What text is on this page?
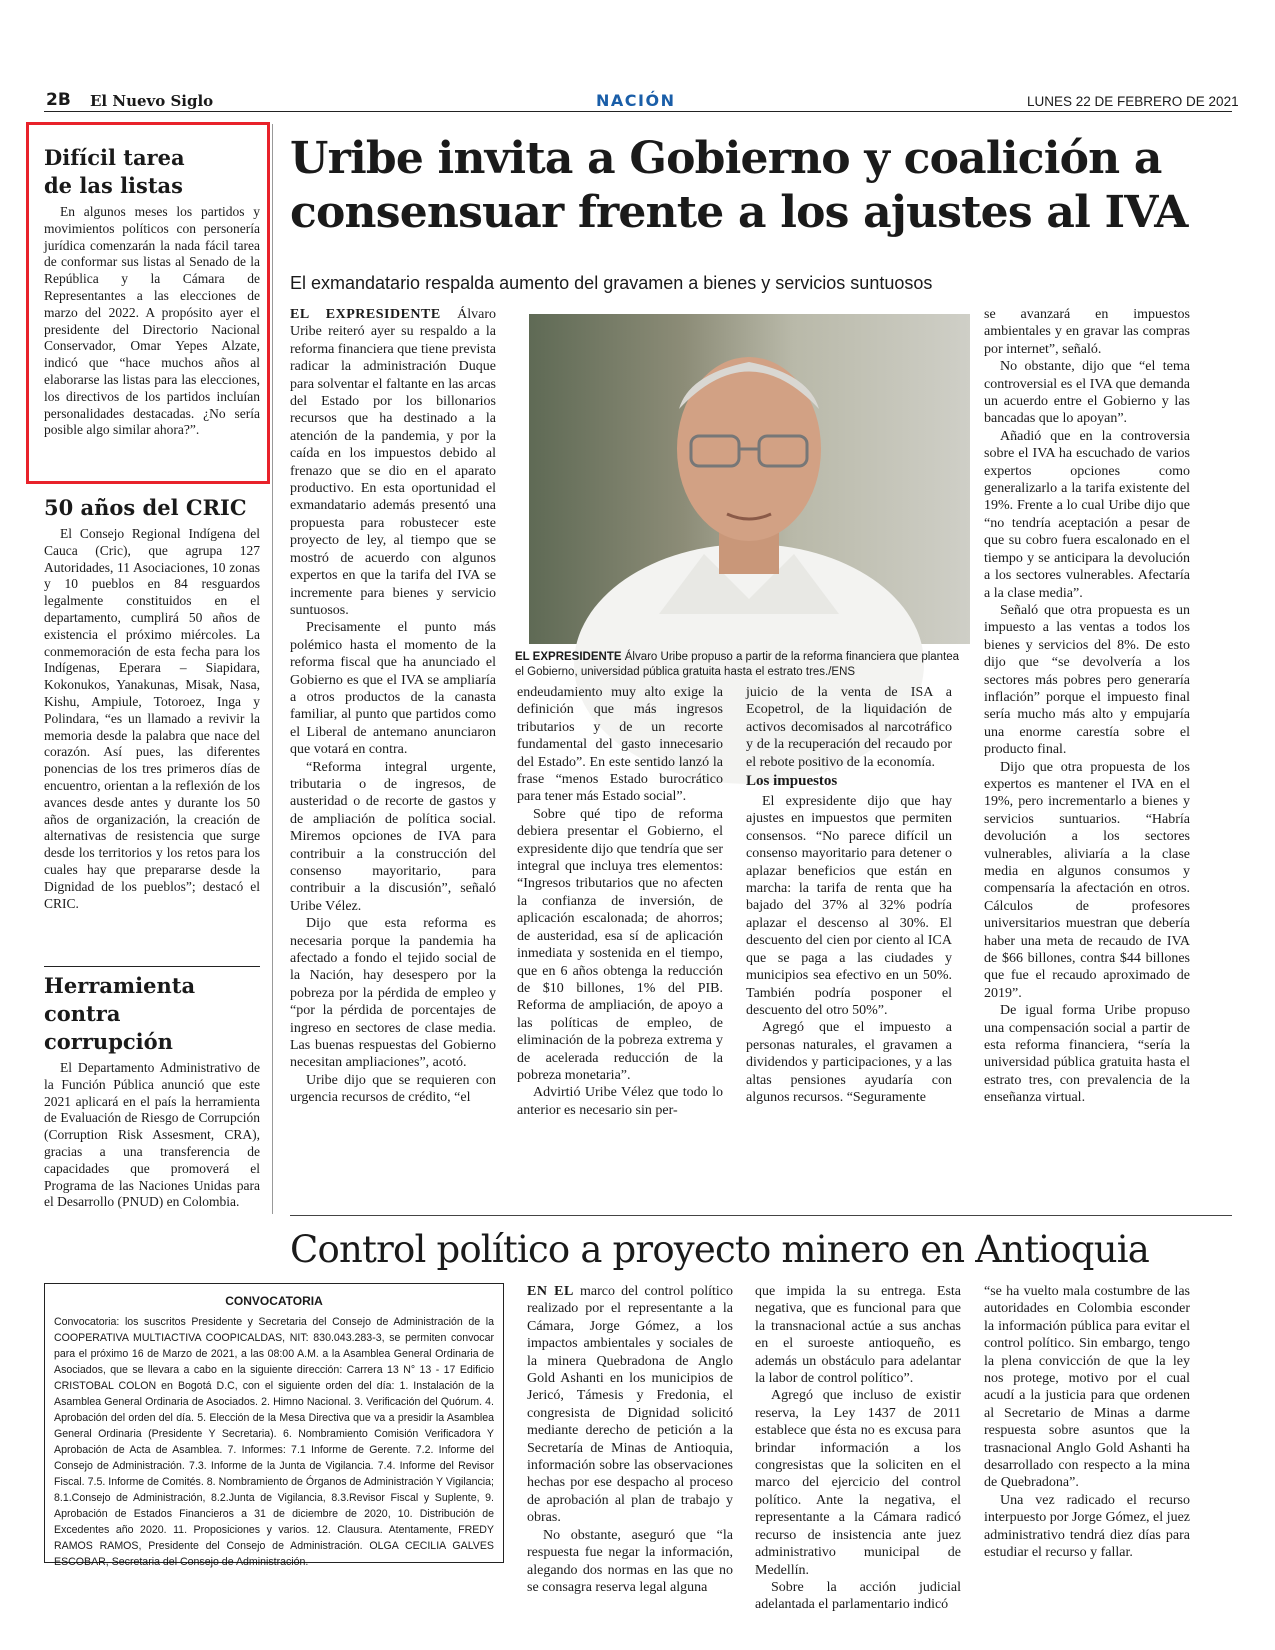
2B El Nuevo Siglo	NACIÓN	LUNES 22 DE FEBRERO DE 2021
Difícil tarea de las listas

En algunos meses los partidos y movimientos políticos con personería jurídica comenzarán la nada fácil tarea de conformar sus listas al Senado de la República y la Cámara de Representantes a las elecciones de marzo del 2022. A propósito ayer el presidente del Directorio Nacional Conservador, Omar Yepes Alzate, indicó que “hace muchos años al elaborarse las listas para las elecciones, los directivos de los partidos incluían personalidades destacadas. ¿No sería posible algo similar ahora?”.

50 años del CRIC

El Consejo Regional Indígena del Cauca (Cric), que agrupa 127 Autoridades, 11 Asociaciones, 10 zonas y 10 pueblos en 84 resguardos legalmente constituidos en el departamento, cumplirá 50 años de existencia el próximo miércoles. La conmemoración de esta fecha para los Indígenas, Eperara – Siapidara, Kokonukos, Yanakunas, Misak, Nasa, Kishu, Ampiule, Totoroez, Inga y Polindara, “es un llamado a revivir la memoria desde la palabra que nace del corazón. Así pues, las diferentes ponencias de los tres primeros días de encuentro, orientan a la reflexión de los avances desde antes y durante los 50 años de organización, la creación de alternativas de resistencia que surge desde los territorios y los retos para los cuales hay que prepararse desde la Dignidad de los pueblos”; destacó el CRIC.

Herramienta contra corrupción

El Departamento Administrativo de la Función Pública anunció que este 2021 aplicará en el país la herramienta de Evaluación de Riesgo de Corrupción (Corruption Risk Assesment, CRA), gracias a una transferencia de capacidades que promoverá el Programa de las Naciones Unidas para el Desarrollo (PNUD) en Colombia.

Uribe invita a Gobierno y coalición a consensuar frente a los ajustes al IVA
El exmandatario respalda aumento del gravamen a bienes y servicios suntuosos

EL EXPRESIDENTE Álvaro Uribe reiteró ayer su respaldo a la reforma financiera que tiene prevista radicar la administración Duque para solventar el faltante en las arcas del Estado por los billonarios recursos que ha destinado a la atención de la pandemia, y por la caída en los impuestos debido al frenazo que se dio en el aparato productivo. En esta oportunidad el exmandatario además presentó una propuesta para robustecer este proyecto de ley, al tiempo que se mostró de acuerdo con algunos expertos en que la tarifa del IVA se incremente para bienes y servicio suntuosos.

Precisamente el punto más polémico hasta el momento de la reforma fiscal que ha anunciado el Gobierno es que el IVA se ampliaría a otros productos de la canasta familiar, al punto que partidos como el Liberal de antemano anunciaron que votará en contra.

“Reforma integral urgente, tributaria o de ingresos, de austeridad o de recorte de gastos y de ampliación de política social. Miremos opciones de IVA para contribuir a la construcción del consenso mayoritario, para contribuir a la discusión”, señaló Uribe Vélez.

Dijo que esta reforma es necesaria porque la pandemia ha afectado a fondo el tejido social de la Nación, hay desespero por la pobreza por la pérdida de empleo y “por la pérdida de porcentajes de ingreso en sectores de clase media. Las buenas respuestas del Gobierno necesitan ampliaciones”, acotó.

Uribe dijo que se requieren con urgencia recursos de crédito, “el

EL EXPRESIDENTE Álvaro Uribe propuso a partir de la reforma financiera que plantea el Gobierno, universidad pública gratuita hasta el estrato tres./ENS

endeudamiento muy alto exige la definición que más ingresos tributarios y de un recorte fundamental del gasto innecesario del Estado”. En este sentido lanzó la frase “menos Estado burocrático para tener más Estado social”.

Sobre qué tipo de reforma debiera presentar el Gobierno, el expresidente dijo que tendría que ser integral que incluya tres elementos: “Ingresos tributarios que no afecten la confianza de inversión, de aplicación escalonada; de ahorros; de austeridad, esa sí de aplicación inmediata y sostenida en el tiempo, que en 6 años obtenga la reducción de $10 billones, 1% del PIB. Reforma de ampliación, de apoyo a las políticas de empleo, de eliminación de la pobreza extrema y de acelerada reducción de la pobreza monetaria”.

Advirtió Uribe Vélez que todo lo anterior es necesario sin per-

juicio de la venta de ISA a Ecopetrol, de la liquidación de activos decomisados al narcotráfico y de la recuperación del recaudo por el rebote positivo de la economía.

Los impuestos

El expresidente dijo que hay ajustes en impuestos que permiten consensos. “No parece difícil un consenso mayoritario para detener o aplazar beneficios que están en marcha: la tarifa de renta que ha bajado del 37% al 32% podría aplazar el descenso al 30%. El descuento del cien por ciento al ICA que se paga a las ciudades y municipios sea efectivo en un 50%. También podría posponer el descuento del otro 50%”.

Agregó que el impuesto a personas naturales, el gravamen a dividendos y participaciones, y a las altas pensiones ayudaría con algunos recursos. “Seguramente

se avanzará en impuestos ambientales y en gravar las compras por internet”, señaló.

No obstante, dijo que “el tema controversial es el IVA que demanda un acuerdo entre el Gobierno y las bancadas que lo apoyan”.

Añadió que en la controversia sobre el IVA ha escuchado de varios expertos opciones como generalizarlo a la tarifa existente del 19%. Frente a lo cual Uribe dijo que “no tendría aceptación a pesar de que su cobro fuera escalonado en el tiempo y se anticipara la devolución a los sectores vulnerables. Afectaría a la clase media”.

Señaló que otra propuesta es un impuesto a las ventas a todos los bienes y servicios del 8%. De esto dijo que “se devolvería a los sectores más pobres pero generaría inflación” porque el impuesto final sería mucho más alto y empujaría una enorme carestía sobre el producto final.

Dijo que otra propuesta de los expertos es mantener el IVA en el 19%, pero incrementarlo a bienes y servicios suntuarios. “Habría devolución a los sectores vulnerables, aliviaría a la clase media en algunos consumos y compensaría la afectación en otros. Cálculos de profesores universitarios muestran que debería haber una meta de recaudo de IVA de $66 billones, contra $44 billones que fue el recaudo aproximado de 2019”.

De igual forma Uribe propuso una compensación social a partir de esta reforma financiera, “sería la universidad pública gratuita hasta el estrato tres, con prevalencia de la enseñanza virtual.

Control político a proyecto minero en Antioquia
CONVOCATORIA

Convocatoria: los suscritos Presidente y Secretaria del Consejo de Administración de la COOPERATIVA MULTIACTIVA COOPICALDAS, NIT: 830.043.283-3, se permiten convocar para el próximo 16 de Marzo de 2021, a las 08:00 A.M. a la Asamblea General Ordinaria de Asociados, que se llevara a cabo en la siguiente dirección: Carrera 13 N° 13 - 17 Edificio CRISTOBAL COLON en Bogotá D.C, con el siguiente orden del día: 1. Instalación de la Asamblea General Ordinaria de Asociados. 2. Himno Nacional. 3. Verificación del Quórum. 4. Aprobación del orden del día. 5. Elección de la Mesa Directiva que va a presidir la Asamblea General Ordinaria (Presidente Y Secretaria). 6. Nombramiento Comisión Verificadora Y Aprobación de Acta de Asamblea. 7. Informes: 7.1 Informe de Gerente. 7.2. Informe del Consejo de Administración. 7.3. Informe de la Junta de Vigilancia. 7.4. Informe del Revisor Fiscal. 7.5. Informe de Comités. 8. Nombramiento de Órganos de Administración Y Vigilancia; 8.1.Consejo de Administración, 8.2.Junta de Vigilancia, 8.3.Revisor Fiscal y Suplente, 9. Aprobación de Estados Financieros a 31 de diciembre de 2020, 10. Distribución de Excedentes año 2020. 11. Proposiciones y varios. 12. Clausura. Atentamente, FREDY RAMOS RAMOS, Presidente del Consejo de Administración. OLGA CECILIA GALVES ESCOBAR, Secretaria del Consejo de Administración.

EN EL marco del control político realizado por el representante a la Cámara, Jorge Gómez, a los impactos ambientales y sociales de la minera Quebradona de Anglo Gold Ashanti en los municipios de Jericó, Támesis y Fredonia, el congresista de Dignidad solicitó mediante derecho de petición a la Secretaría de Minas de Antioquia, información sobre las observaciones hechas por ese despacho al proceso de aprobación al plan de trabajo y obras.

No obstante, aseguró que “la respuesta fue negar la información, alegando dos normas en las que no se consagra reserva legal alguna

que impida la su entrega. Esta negativa, que es funcional para que la transnacional actúe a sus anchas en el suroeste antioqueño, es además un obstáculo para adelantar la labor de control político”.

Agregó que incluso de existir reserva, la Ley 1437 de 2011 establece que ésta no es excusa para brindar información a los congresistas que la soliciten en el marco del ejercicio del control político. Ante la negativa, el representante a la Cámara radicó recurso de insistencia ante juez administrativo municipal de Medellín.

Sobre la acción judicial adelantada el parlamentario indicó

“se ha vuelto mala costumbre de las autoridades en Colombia esconder la información pública para evitar el control político. Sin embargo, tengo la plena convicción de que la ley nos protege, motivo por el cual acudí a la justicia para que ordenen al Secretario de Minas a darme respuesta sobre asuntos que la trasnacional Anglo Gold Ashanti ha desarrollado con respecto a la mina de Quebradona”.

Una vez radicado el recurso interpuesto por Jorge Gómez, el juez administrativo tendrá diez días para estudiar el recurso y fallar.
